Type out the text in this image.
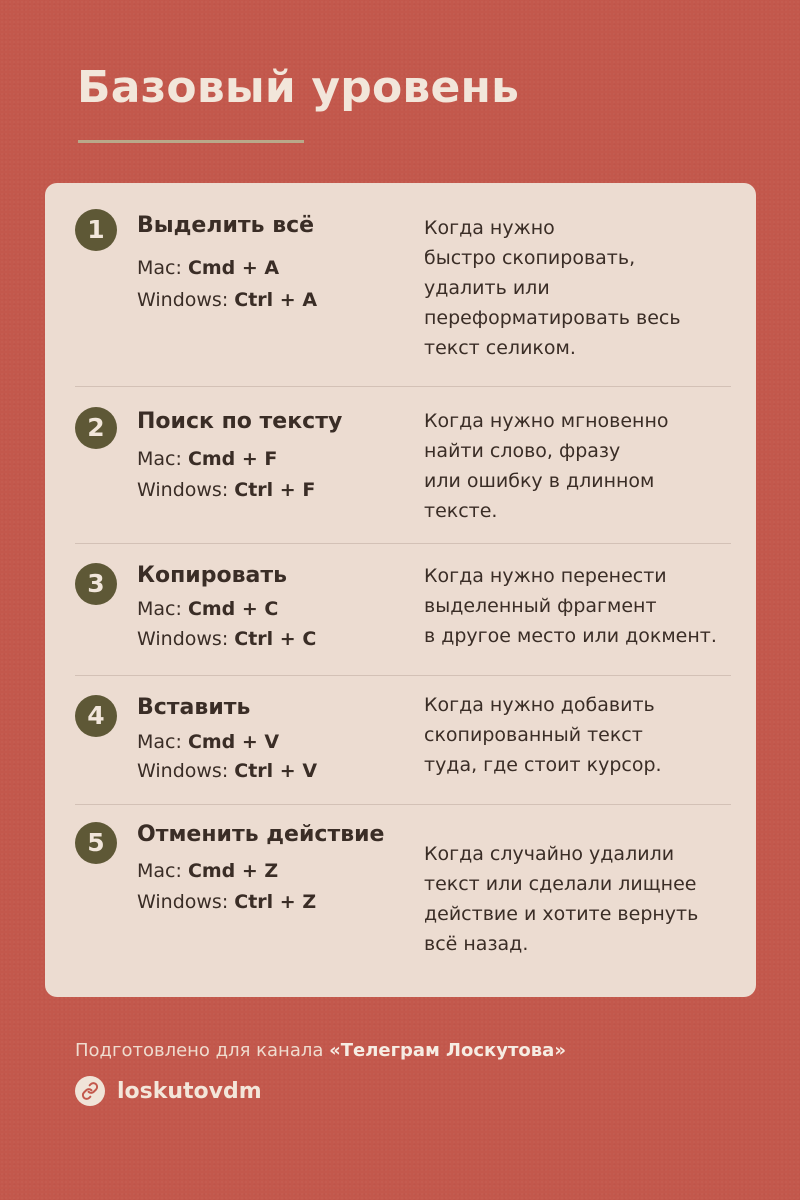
Базовый уровень
1	Выделить всё
Mac: Cmd + A
Windows: Ctrl + A
Когда нужно
быстро скопировать,
удалить или
переформатировать весь
текст селиком.
2	Поиск по тексту
Mac: Cmd + F
Windows: Ctrl + F
Когда нужно мгновенно
найти слово, фразу
или ошибку в длинном
тексте.
3	Копировать
Mac: Cmd + C
Windows: Ctrl + C
Когда нужно перенести
выделенный фрагмент
в другое место или докмент.
4	Вставить
Mac: Cmd + V
Windows: Ctrl + V
Когда нужно добавить
скопированный текст
туда, где стоит курсор.
5	Отменить действие
Mac: Cmd + Z
Windows: Ctrl + Z
Когда случайно удалили
текст или сделали лищнее
действие и хотите вернуть
всё назад.
Подготовлено для канала «Телеграм Лоскутова»
loskutovdm
